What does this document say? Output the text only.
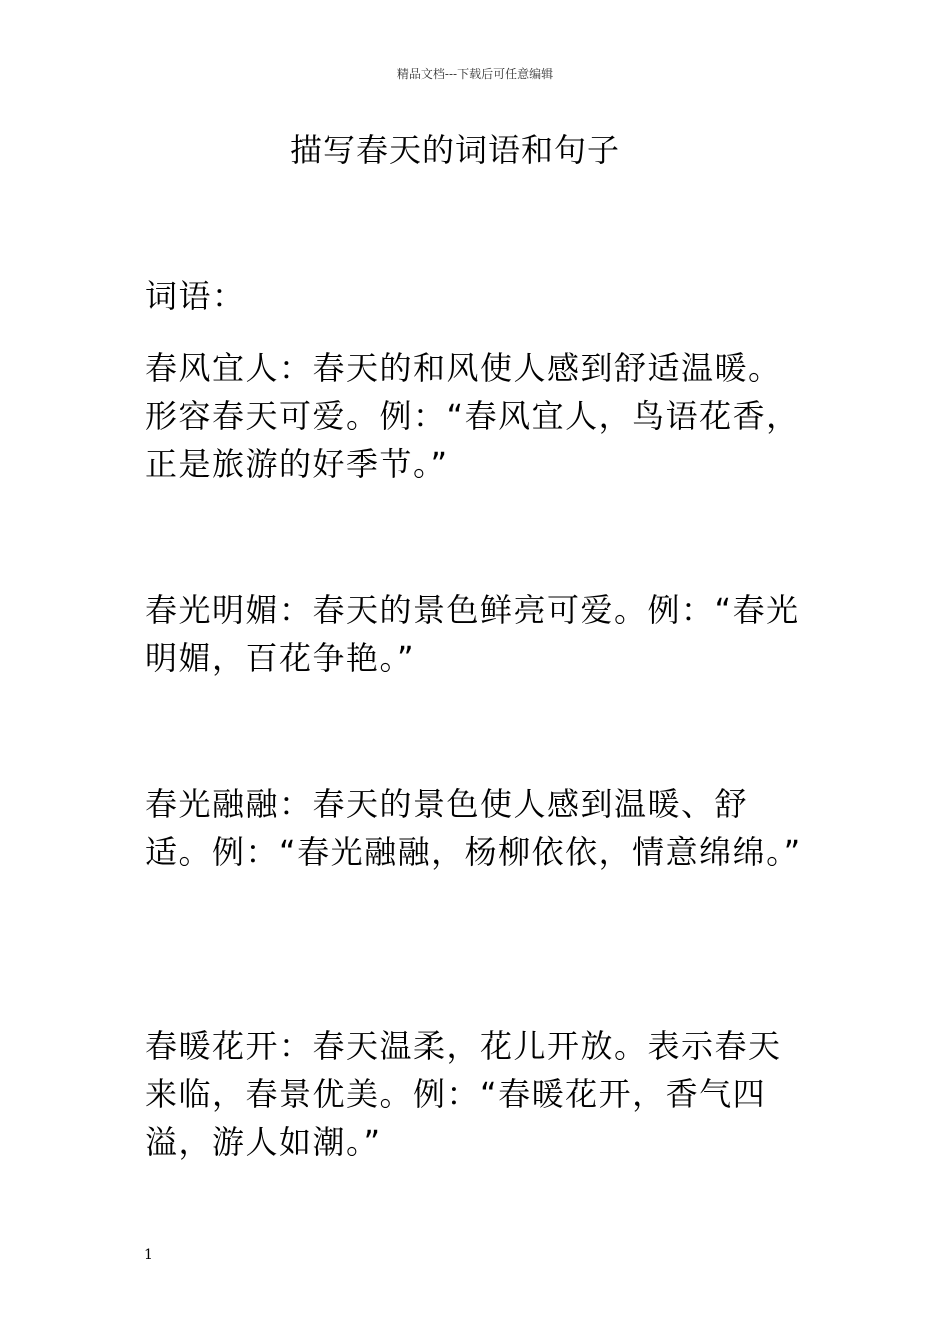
精品文档---下载后可任意编辑
描写春天的词语和句子
词语：
春风宜人：春天的和风使人感到舒适温暖。形容春天可爱。例：“春风宜人，鸟语花香，正是旅游的好季节。”
春光明媚：春天的景色鲜亮可爱。例：“春光明媚，百花争艳。”
春光融融：春天的景色使人感到温暖、舒适。例：“春光融融，杨柳依依，情意绵绵。”
春暖花开：春天温柔，花儿开放。表示春天来临，春景优美。例：“春暖花开，香气四溢，游人如潮。”
1
